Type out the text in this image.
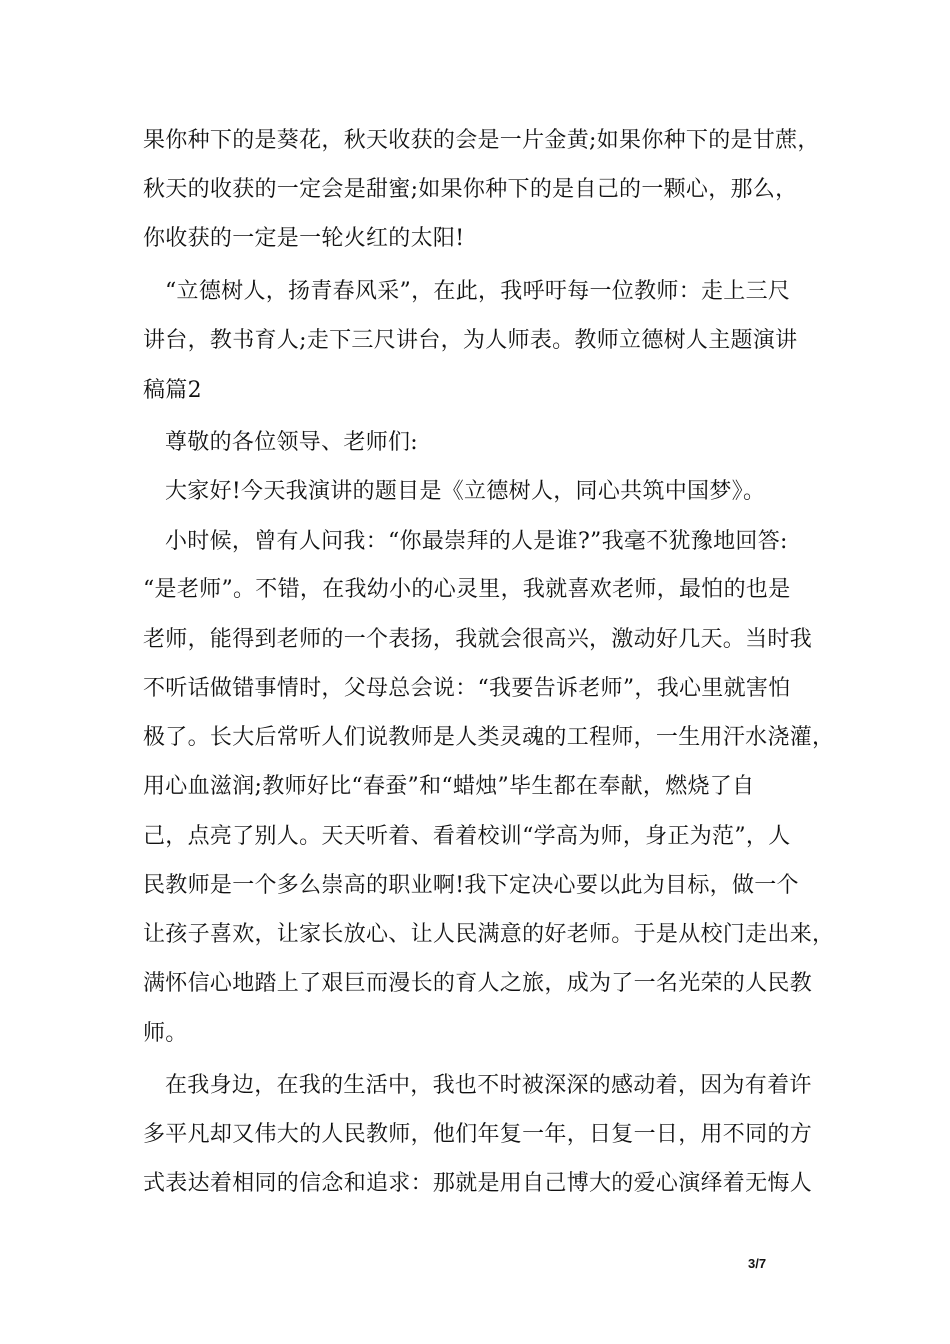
果你种下的是葵花，秋天收获的会是一片金黄;如果你种下的是甘蔗，
秋天的收获的一定会是甜蜜;如果你种下的是自己的一颗心，那么，
你收获的一定是一轮火红的太阳!
“立德树人，扬青春风采”，在此，我呼吁每一位教师：走上三尺
讲台，教书育人;走下三尺讲台，为人师表。教师立德树人主题演讲
稿篇2
尊敬的各位领导、老师们:
大家好!今天我演讲的题目是《立德树人，同心共筑中国梦》。
小时候，曾有人问我：“你最崇拜的人是谁?”我毫不犹豫地回答:
“是老师”。不错，在我幼小的心灵里，我就喜欢老师，最怕的也是
老师，能得到老师的一个表扬，我就会很高兴，激动好几天。当时我
不听话做错事情时，父母总会说：“我要告诉老师”，我心里就害怕
极了。长大后常听人们说教师是人类灵魂的工程师，一生用汗水浇灌，
用心血滋润;教师好比“春蚕”和“蜡烛”毕生都在奉献，燃烧了自
己，点亮了别人。天天听着、看着校训“学高为师，身正为范”，人
民教师是一个多么崇高的职业啊!我下定决心要以此为目标，做一个
让孩子喜欢，让家长放心、让人民满意的好老师。于是从校门走出来，
满怀信心地踏上了艰巨而漫长的育人之旅，成为了一名光荣的人民教
师。
在我身边，在我的生活中，我也不时被深深的感动着，因为有着许
多平凡却又伟大的人民教师，他们年复一年，日复一日，用不同的方
式表达着相同的信念和追求：那就是用自己博大的爱心演绎着无悔人
3/7
